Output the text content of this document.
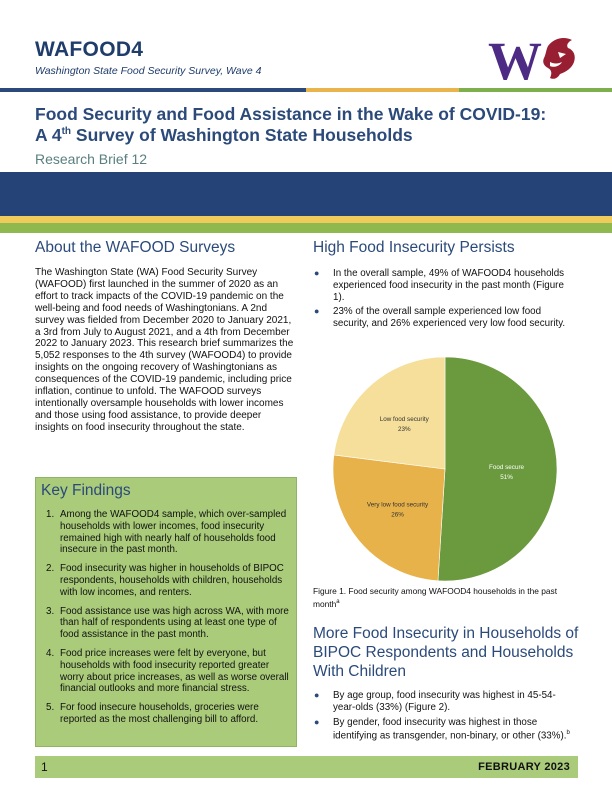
WAFOOD4
Washington State Food Security Survey, Wave 4	W
Food Security and Food Assistance in the Wake of COVID-19:
A 4th Survey of Washington State Households
Research Brief 12
About the WAFOOD Surveys
The Washington State (WA) Food Security Survey (WAFOOD) first launched in the summer of 2020 as an effort to track impacts of the COVID-19 pandemic on the well-being and food needs of Washingtonians. A 2nd survey was fielded from December 2020 to January 2021, a 3rd from July to August 2021, and a 4th from December 2022 to January 2023. This research brief summarizes the 5,052 responses to the 4th survey (WAFOOD4) to provide insights on the ongoing recovery of Washingtonians as consequences of the COVID-19 pandemic, including price inflation, continue to unfold. The WAFOOD surveys intentionally oversample households with lower incomes and those using food assistance, to provide deeper insights on food insecurity throughout the state.
Key Findings
1. Among the WAFOOD4 sample, which over-sampled households with lower incomes, food insecurity remained high with nearly half of households food insecure in the past month.
2. Food insecurity was higher in households of BIPOC respondents, households with children, households with low incomes, and renters.
3. Food assistance use was high across WA, with more than half of respondents using at least one type of food assistance in the past month.
4. Food price increases were felt by everyone, but households with food insecurity reported greater worry about price increases, as well as worse overall financial outlooks and more financial stress.
5. For food insecure households, groceries were reported as the most challenging bill to afford.
High Food Insecurity Persists
●	In the overall sample, 49% of WAFOOD4 households experienced food insecurity in the past month (Figure 1).
●	23% of the overall sample experienced low food security, and 26% experienced very low food security.
Food secure
51%
Very low food security
26%
Low food security
23%
Figure 1. Food security among WAFOOD4 households in the past month$^a$
More Food Insecurity in Households of BIPOC Respondents and Households With Children
●	By age group, food insecurity was highest in 45-54-year-olds (33%) (Figure 2).
●	By gender, food insecurity was highest in those identifying as transgender, non-binary, or other (33%).$^b$
1	FEBRUARY 2023
